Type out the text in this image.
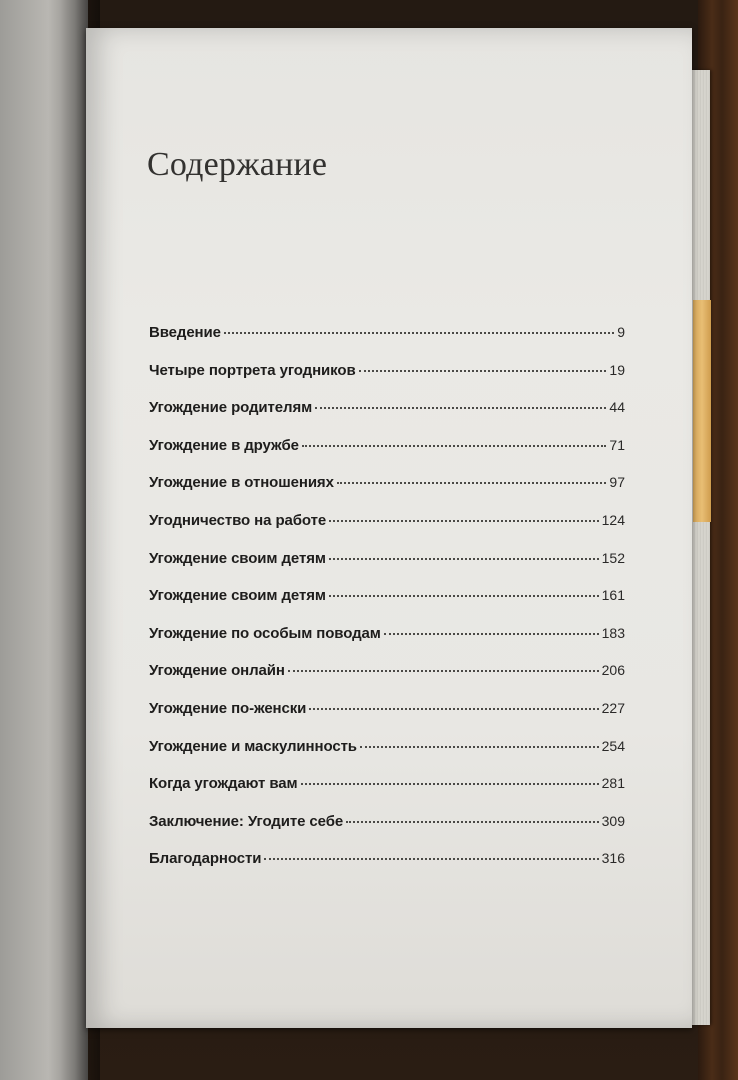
Содержание
Введение	9
Четыре портрета угодников	19
Угождение родителям	44
Угождение в дружбе	71
Угождение в отношениях	97
Угодничество на работе	124
Угождение своим детям	152
Угождение своим детям	161
Угождение по особым поводам	183
Угождение онлайн	206
Угождение по-женски	227
Угождение и маскулинность	254
Когда угождают вам	281
Заключение: Угодите себе	309
Благодарности	316
